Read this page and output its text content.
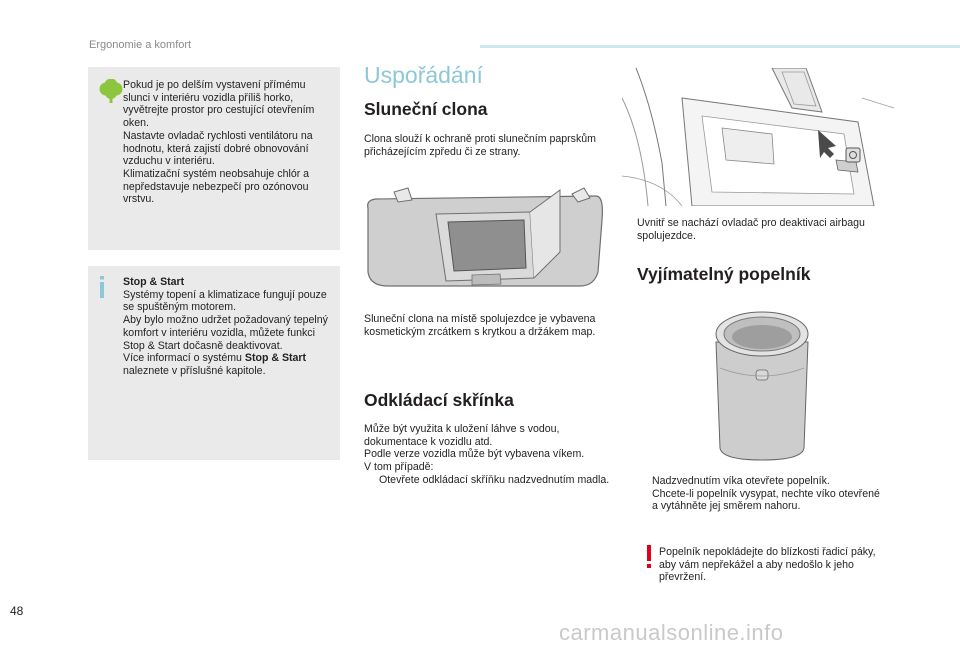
Ergonomie a komfort
Pokud je po delším vystavení přímému slunci v interiéru vozidla příliš horko, vyvětrejte prostor pro cestující otevřením oken.
Nastavte ovladač rychlosti ventilátoru na hodnotu, která zajistí dobré obnovování vzduchu v interiéru.
Klimatizační systém neobsahuje chlór a nepředstavuje nebezpečí pro ozónovou vrstvu.
Stop & Start
Systémy topení a klimatizace fungují pouze se spuštěným motorem.
Aby bylo možno udržet požadovaný tepelný komfort v interiéru vozidla, můžete funkci Stop & Start dočasně deaktivovat.
Více informací o systému Stop & Start naleznete v příslušné kapitole.
Uspořádání
Sluneční clona
Clona slouží k ochraně proti slunečním paprskům přicházejícím zpředu či ze strany.
Sluneční clona na místě spolujezdce je vybavena kosmetickým zrcátkem s krytkou a držákem map.
Odkládací skřínka
Může být využita k uložení láhve s vodou, dokumentace k vozidlu atd.
Podle verze vozidla může být vybavena víkem.
V tom případě:
Otevřete odkládací skříňku nadzvednutím madla.
Uvnitř se nachází ovladač pro deaktivaci airbagu spolujezdce.
Vyjímatelný popelník
Nadzvednutím víka otevřete popelník.
Chcete-li popelník vysypat, nechte víko otevřené a vytáhněte jej směrem nahoru.
Popelník nepokládejte do blízkosti řadicí páky, aby vám nepřekážel a aby nedošlo k jeho převržení.
48
carmanualsonline.info
